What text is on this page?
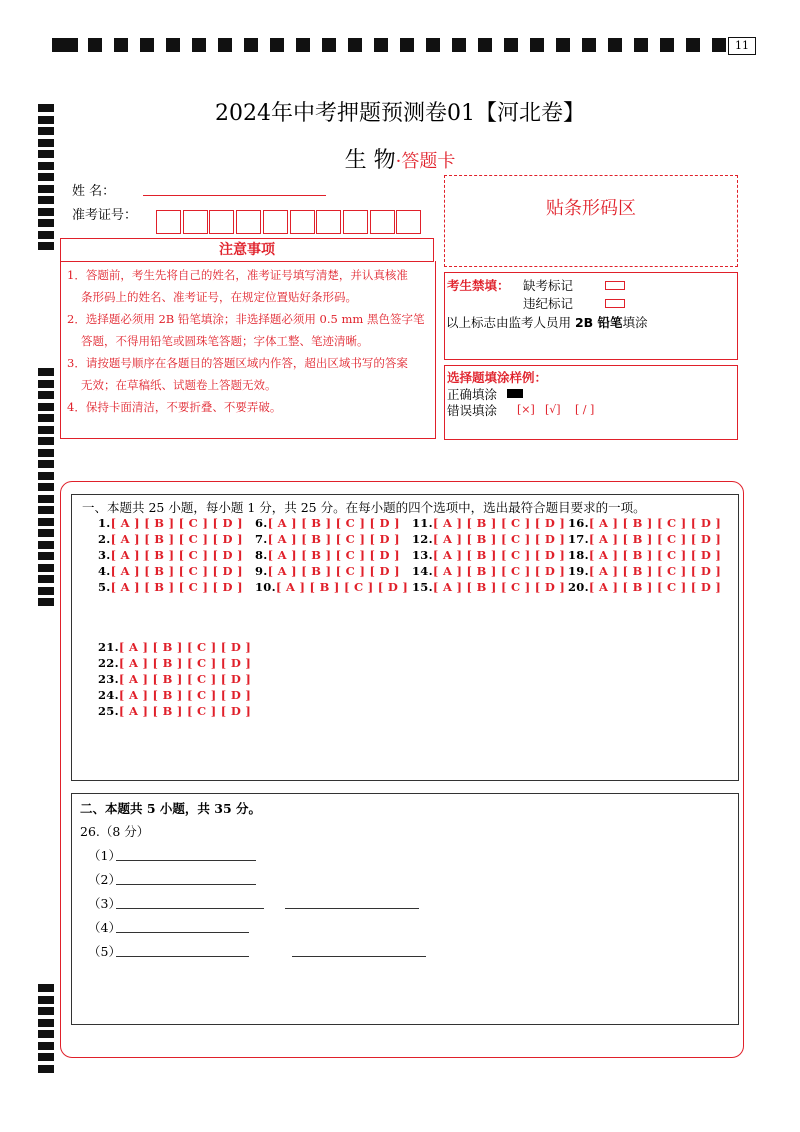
11
2024年中考押题预测卷01【河北卷】
生 物·答题卡
姓 名：
准考证号：
注意事项
1．答题前，考生先将自己的姓名，准考证号填写清楚，并认真核准
条形码上的姓名、准考证号，在规定位置贴好条形码。
2．选择题必须用 2B 铅笔填涂；非选择题必须用 0.5 mm 黑色签字笔
答题，不得用铅笔或圆珠笔答题；字体工整、笔迹清晰。
3．请按题号顺序在各题目的答题区域内作答，超出区域书写的答案
无效；在草稿纸、试题卷上答题无效。
4．保持卡面清洁，不要折叠、不要弄破。
贴条形码区
考生禁填： 缺考标记
违纪标记
以上标志由监考人员用 2B 铅笔填涂
选择题填涂样例：
正确填涂
错误填涂 [×] [√] [ / ]
一、本题共 25 小题，每小题 1 分，共 25 分。在每小题的四个选项中，选出最符合题目要求的一项。
1.[ A ] [ B ] [ C ] [ D ]
2.[ A ] [ B ] [ C ] [ D ]
3.[ A ] [ B ] [ C ] [ D ]
4.[ A ] [ B ] [ C ] [ D ]
5.[ A ] [ B ] [ C ] [ D ]
6.[ A ] [ B ] [ C ] [ D ]
7.[ A ] [ B ] [ C ] [ D ]
8.[ A ] [ B ] [ C ] [ D ]
9.[ A ] [ B ] [ C ] [ D ]
10.[ A ] [ B ] [ C ] [ D ]
11.[ A ] [ B ] [ C ] [ D ]
12.[ A ] [ B ] [ C ] [ D ]
13.[ A ] [ B ] [ C ] [ D ]
14.[ A ] [ B ] [ C ] [ D ]
15.[ A ] [ B ] [ C ] [ D ]
16.[ A ] [ B ] [ C ] [ D ]
17.[ A ] [ B ] [ C ] [ D ]
18.[ A ] [ B ] [ C ] [ D ]
19.[ A ] [ B ] [ C ] [ D ]
20.[ A ] [ B ] [ C ] [ D ]
21.[ A ] [ B ] [ C ] [ D ]
22.[ A ] [ B ] [ C ] [ D ]
23.[ A ] [ B ] [ C ] [ D ]
24.[ A ] [ B ] [ C ] [ D ]
25.[ A ] [ B ] [ C ] [ D ]
二、本题共 5 小题，共 35 分。
26.（8 分）
（1）
（2）
（3）
（4）
（5）
